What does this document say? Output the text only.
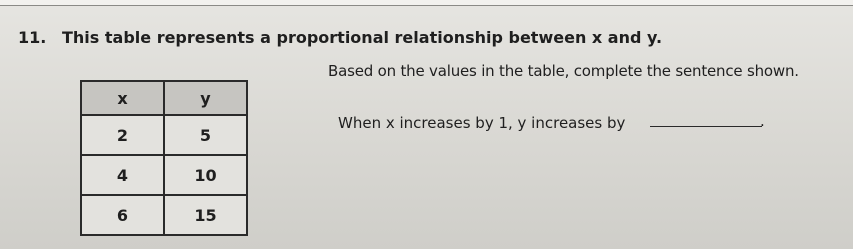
11. This table represents a proportional relationship between x and y.
x	y
2	5
4	10
6	15
Based on the values in the table, complete the sentence shown.
When x increases by 1, y increases by	.
